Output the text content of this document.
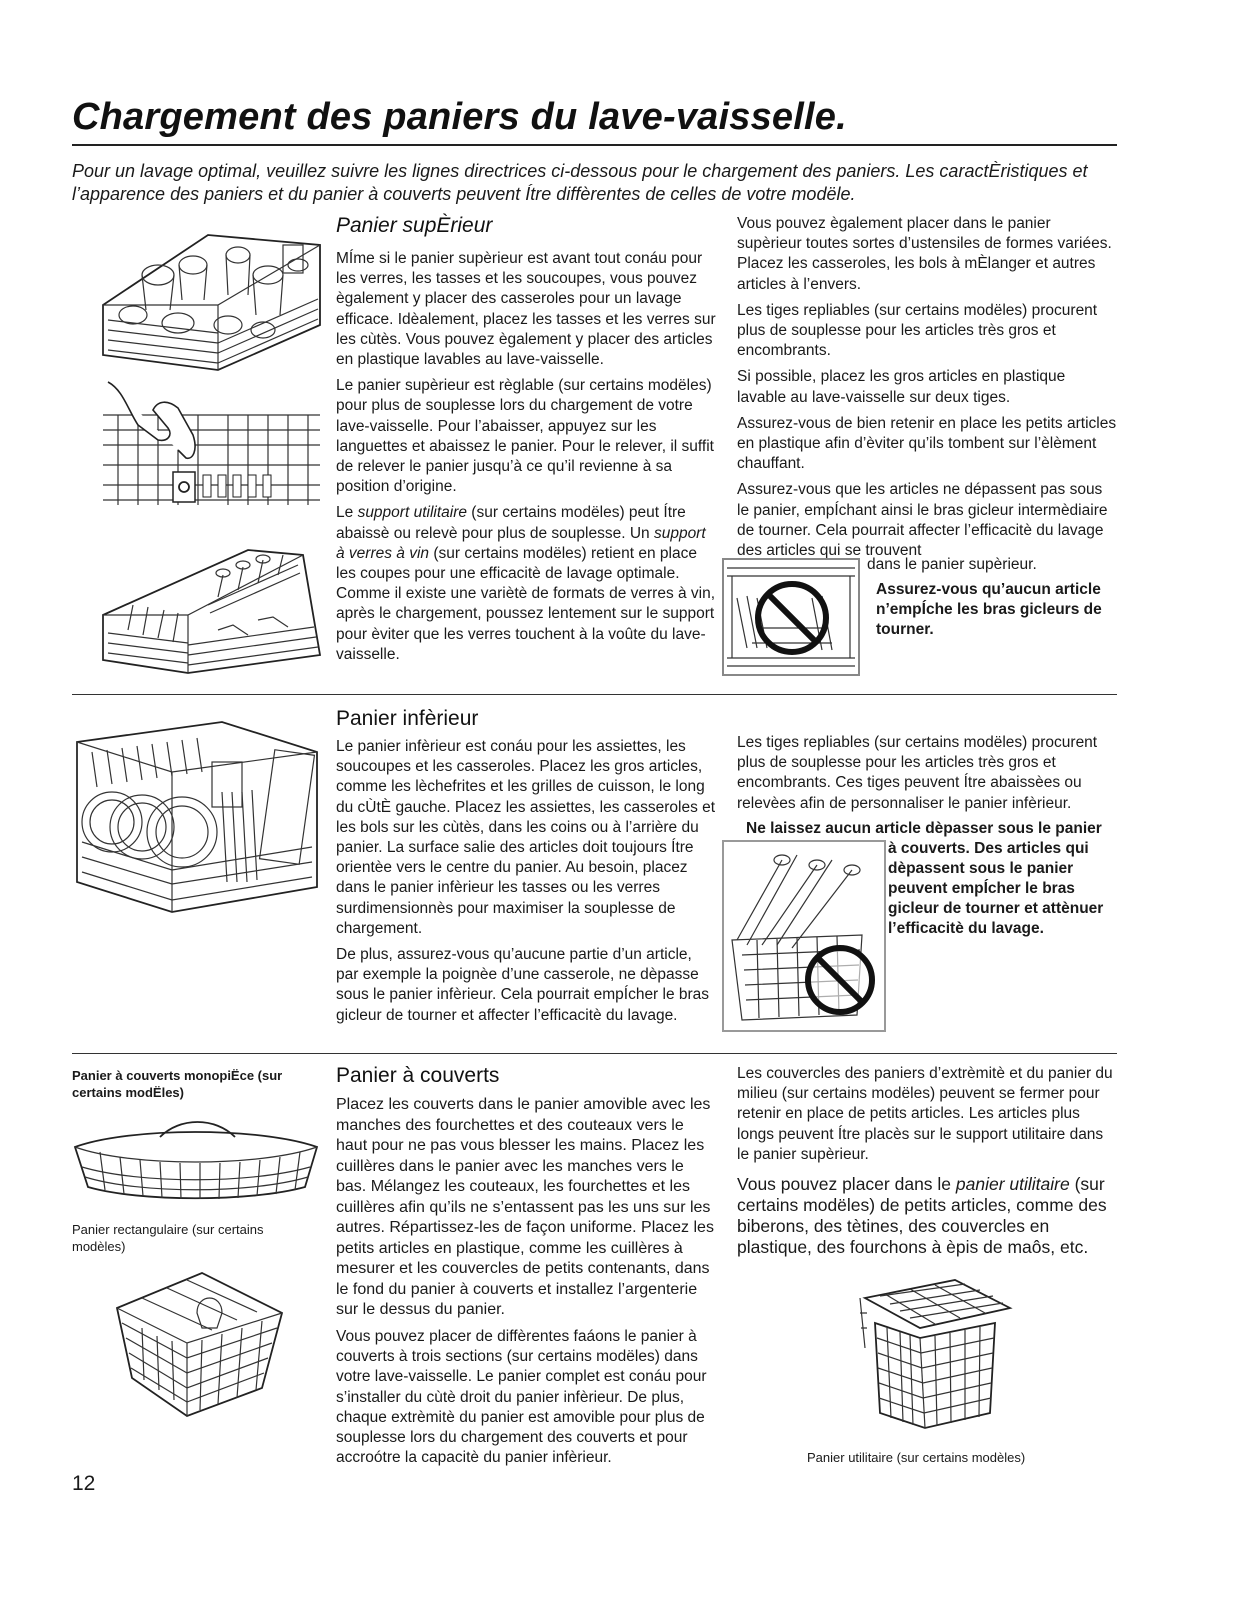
Chargement des paniers du lave-vaisselle.
Pour un lavage optimal, veuillez suivre les lignes directrices ci-dessous pour le chargement des paniers. Les caractÈristiques et l’apparence des paniers et du panier à couverts peuvent Ítre diffèrentes de celles de votre modële.
Panier supÈrieur

MÍme si le panier supèrieur est avant tout conáu pour les verres, les tasses et les soucoupes, vous pouvez ègalement y placer des casseroles pour un lavage efficace. Idèalement, placez les tasses et les verres sur les cùtès. Vous pouvez ègalement y placer des articles en plastique lavables au lave-vaisselle.

Le panier supèrieur est règlable (sur certains modëles) pour plus de souplesse lors du chargement de votre lave-vaisselle. Pour l’abaisser, appuyez sur les languettes et abaissez le panier. Pour le relever, il suffit de relever le panier jusqu’à ce qu’il revienne à sa position d’origine.

Le support utilitaire (sur certains modëles) peut Ítre abaissè ou relevè pour plus de souplesse. Un support à verres à vin (sur certains modëles) retient en place les coupes pour une efficacitè de lavage optimale. Comme il existe une variètè de formats de verres à vin, après le chargement, poussez lentement sur le support pour èviter que les verres touchent à la voûte du lave-vaisselle.

Vous pouvez ègalement placer dans le panier supèrieur toutes sortes d’ustensiles de formes variées. Placez les casseroles, les bols à mÈlanger et autres articles à l’envers.

Les tiges repliables (sur certains modëles) procurent plus de souplesse pour les articles très gros et encombrants.

Si possible, placez les gros articles en plastique lavable au lave-vaisselle sur deux tiges.

Assurez-vous de bien retenir en place les petits articles en plastique afin d’èviter qu’ils tombent sur l’èlèment chauffant.

Assurez-vous que les articles ne dépassent pas sous le panier, empÍchant ainsi le bras gicleur intermèdiaire de tourner. Cela pourrait affecter l’efficacitè du lavage des articles qui se trouvent

dans le panier supèrieur.
Assurez-vous qu’aucun article n’empÍche les bras gicleurs de tourner.
Panier infèrieur

Le panier infèrieur est conáu pour les assiettes, les soucoupes et les casseroles. Placez les gros articles, comme les lèchefrites et les grilles de cuisson, le long du cÙtÈ gauche. Placez les assiettes, les casseroles et les bols sur les cùtès, dans les coins ou à l’arrière du panier. La surface salie des articles doit toujours Ítre orientèe vers le centre du panier. Au besoin, placez dans le panier infèrieur les tasses ou les verres surdimensionnès pour maximiser la souplesse de chargement.

De plus, assurez-vous qu’aucune partie d’un article, par exemple la poignèe d’une casserole, ne dèpasse sous le panier infèrieur. Cela pourrait empÍcher le bras gicleur de tourner et affecter l’efficacitè du lavage.

Les tiges repliables (sur certains modëles) procurent plus de souplesse pour les articles très gros et encombrants. Ces tiges peuvent Ítre abaissèes ou relevèes afin de personnaliser le panier infèrieur.

Ne laissez aucun article dèpasser sous le panier
à couverts. Des articles qui dèpassent sous le panier peuvent empÍcher le bras gicleur de tourner et attènuer l’efficacitè du lavage.
Panier à couverts monopiËce (sur certains modËles)
Panier rectangulaire (sur certains modèles)
Panier à couverts

Placez les couverts dans le panier amovible avec les manches des fourchettes et des couteaux vers le haut pour ne pas vous blesser les mains. Placez les cuillères dans le panier avec les manches vers le bas. Mélangez les couteaux, les fourchettes et les cuillères afin qu’ils ne s’entassent pas les uns sur les autres. Répartissez-les de façon uniforme. Placez les petits articles en plastique, comme les cuillères à mesurer et les couvercles de petits contenants, dans le fond du panier à couverts et installez l’argenterie sur le dessus du panier.

Vous pouvez placer de diffèrentes faáons le panier à couverts à trois sections (sur certains modëles) dans votre lave-vaisselle. Le panier complet est conáu pour s’installer du cùtè droit du panier infèrieur. De plus, chaque extrèmitè du panier est amovible pour plus de souplesse lors du chargement des couverts et pour accroótre la capacitè du panier infèrieur.

Les couvercles des paniers d’extrèmitè et du panier du milieu (sur certains modëles) peuvent se fermer pour retenir en place de petits articles. Les articles plus longs peuvent Ítre placès sur le support utilitaire dans le panier supèrieur.

Vous pouvez placer dans le panier utilitaire (sur certains modëles) de petits articles, comme des biberons, des tètines, des couvercles en plastique, des fourchons à èpis de maôs, etc.

Panier utilitaire (sur certains modèles)
12
